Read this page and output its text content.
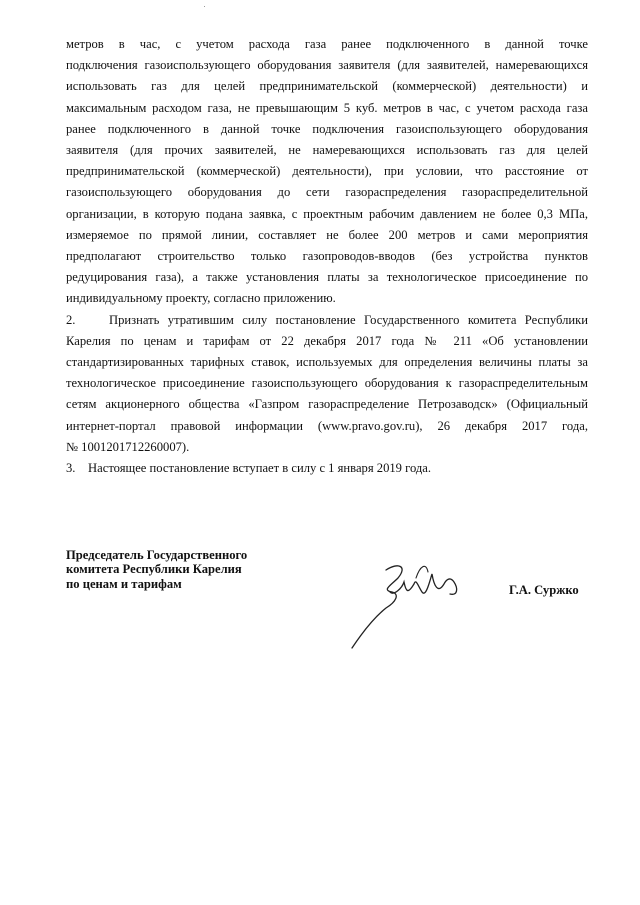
метров в час, с учетом расхода газа ранее подключенного в данной точке
подключения газоиспользующего оборудования заявителя (для заявителей, намеревающихся
использовать газ для целей предпринимательской (коммерческой) деятельности) и
максимальным расходом газа, не превышающим 5 куб. метров в час, с учетом расхода газа
ранее подключенного в данной точке подключения газоиспользующего оборудования
заявителя (для прочих заявителей, не намеревающихся использовать газ для целей
предпринимательской (коммерческой) деятельности), при условии, что расстояние от
газоиспользующего оборудования до сети газораспределения газораспределительной
организации, в которую подана заявка, с проектным рабочим давлением не более 0,3 МПа,
измеряемое по прямой линии, составляет не более 200 метров и сами мероприятия
предполагают строительство только газопроводов-вводов (без устройства пунктов
редуцирования газа), а также установления платы за технологическое присоединение по
индивидуальному проекту, согласно приложению.
2.    Признать утратившим силу постановление Государственного комитета Республики
Карелия по ценам и тарифам от 22 декабря 2017 года № 211 «Об установлении
стандартизированных тарифных ставок, используемых для определения величины платы за
технологическое присоединение газоиспользующего оборудования к газораспределительным
сетям акционерного общества «Газпром газораспределение Петрозаводск» (Официальный
интернет-портал правовой информации (www.pravo.gov.ru), 26 декабря 2017 года,
№ 1001201712260007).
3.    Настоящее постановление вступает в силу с 1 января 2019 года.
Председатель Государственного
комитета Республики Карелия
по ценам и тарифам	Г.А. Суржко
